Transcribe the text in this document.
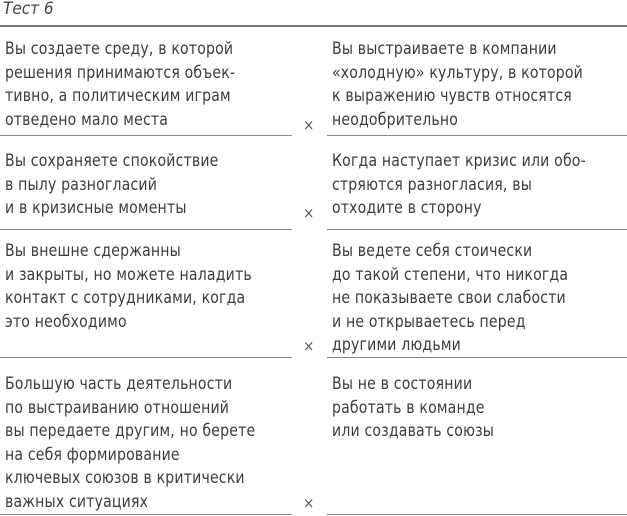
Тест 6
Вы создаете среду, в которой
решения принимаются объек-
тивно, а политическим играм
отведено мало места
Вы выстраиваете в компании
«холодную» культуру, в которой
к выражению чувств относятся
неодобрительно
×
Вы сохраняете спокойствие
в пылу разногласий
и в кризисные моменты
Когда наступает кризис или обо-
стряются разногласия, вы
отходите в сторону
×
Вы внешне сдержанны
и закрыты, но можете наладить
контакт с сотрудниками, когда
это необходимо
Вы ведете себя стоически
до такой степени, что никогда
не показываете свои слабости
и не открываетесь перед
другими людьми
×
Большую часть деятельности
по выстраиванию отношений
вы передаете другим, но берете
на себя формирование
ключевых союзов в критически
важных ситуациях
Вы не в состоянии
работать в команде
или создавать союзы
×
